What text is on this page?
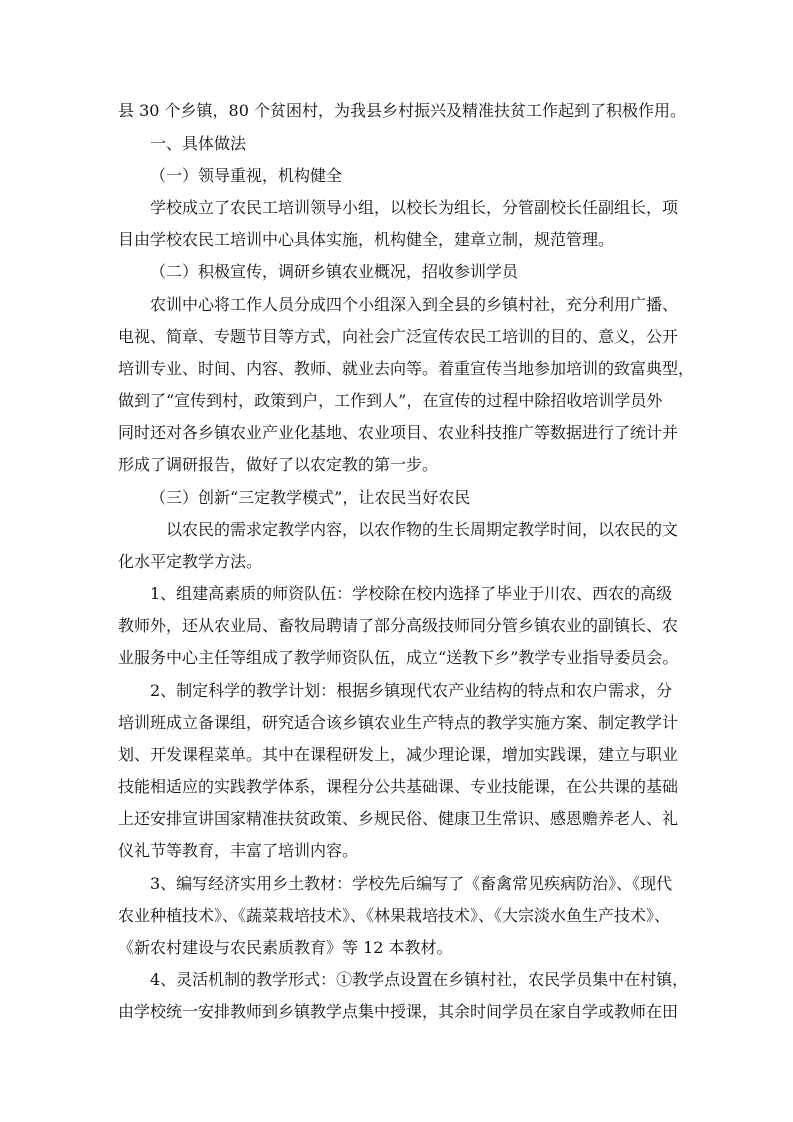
县 30 个乡镇，80 个贫困村，为我县乡村振兴及精准扶贫工作起到了积极作用。
一、具体做法
（一）领导重视，机构健全
学校成立了农民工培训领导小组，以校长为组长，分管副校长任副组长，项
目由学校农民工培训中心具体实施，机构健全，建章立制，规范管理。
（二）积极宣传，调研乡镇农业概况，招收参训学员
农训中心将工作人员分成四个小组深入到全县的乡镇村社，充分利用广播、
电视、简章、专题节目等方式，向社会广泛宣传农民工培训的目的、意义，公开
培训专业、时间、内容、教师、就业去向等。着重宣传当地参加培训的致富典型，
做到了“宣传到村，政策到户，工作到人”，在宣传的过程中除招收培训学员外
同时还对各乡镇农业产业化基地、农业项目、农业科技推广等数据进行了统计并
形成了调研报告，做好了以农定教的第一步。
（三）创新“三定教学模式”，让农民当好农民
以农民的需求定教学内容，以农作物的生长周期定教学时间，以农民的文
化水平定教学方法。
1、组建高素质的师资队伍：学校除在校内选择了毕业于川农、西农的高级
教师外，还从农业局、畜牧局聘请了部分高级技师同分管乡镇农业的副镇长、农
业服务中心主任等组成了教学师资队伍，成立“送教下乡”教学专业指导委员会。
2、制定科学的教学计划：根据乡镇现代农产业结构的特点和农户需求，分
培训班成立备课组，研究适合该乡镇农业生产特点的教学实施方案、制定教学计
划、开发课程菜单。其中在课程研发上，减少理论课，增加实践课，建立与职业
技能相适应的实践教学体系，课程分公共基础课、专业技能课，在公共课的基础
上还安排宣讲国家精准扶贫政策、乡规民俗、健康卫生常识、感恩赡养老人、礼
仪礼节等教育，丰富了培训内容。
3、编写经济实用乡土教材：学校先后编写了《畜禽常见疾病防治》、《现代
农业种植技术》、《蔬菜栽培技术》、《林果栽培技术》、《大宗淡水鱼生产技术》、
《新农村建设与农民素质教育》等 12 本教材。
4、灵活机制的教学形式：①教学点设置在乡镇村社，农民学员集中在村镇，
由学校统一安排教师到乡镇教学点集中授课，其余时间学员在家自学或教师在田
